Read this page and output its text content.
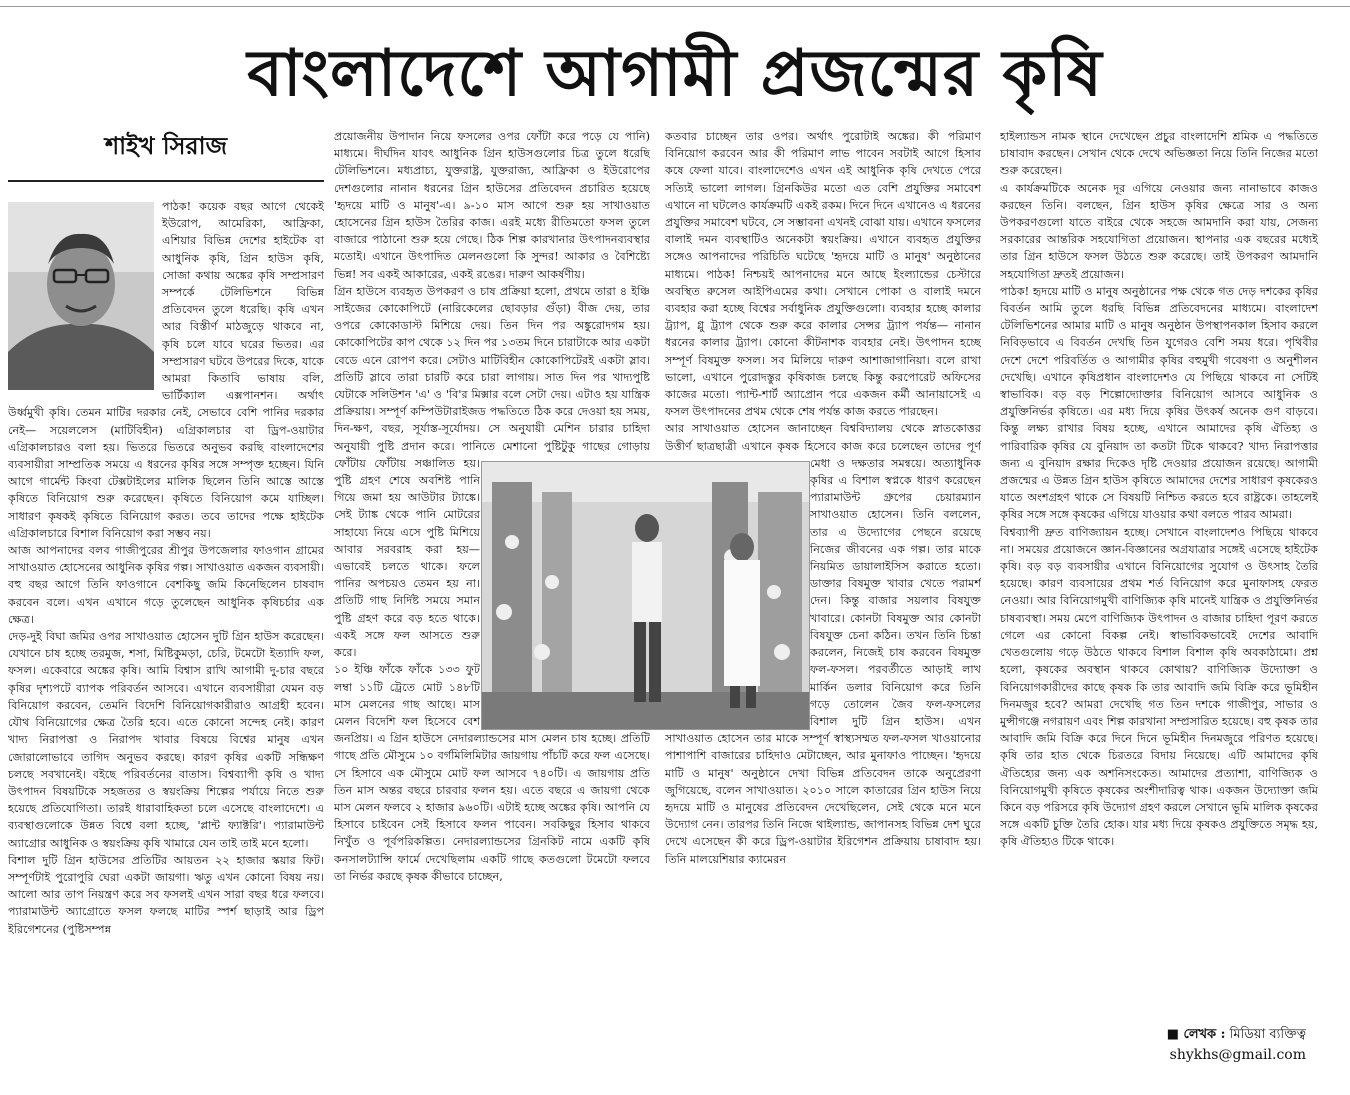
বাংলাদেশে আগামী প্রজন্মের কৃষি
শাইখ সিরাজ

পাঠক! কয়েক বছর আগে থেকেই ইউরোপ, আমেরিকা, আফ্রিকা, এশিয়ার বিভিন্ন দেশের হাইটেক বা আধুনিক কৃষি, গ্রিন হাউস কৃষি, সোজা কথায় অঙ্কের কৃষি সম্প্রসারণ সম্পর্কে টেলিভিশনে বিভিন্ন প্রতিবেদন তুলে ধরেছি। কৃষি এখন আর বিস্তীর্ণ মাঠজুড়ে থাকবে না, কৃষি চলে যাবে ঘরের ভিতর। এর সম্প্রসারণ ঘটবে উপরের দিকে, যাকে আমরা কিতাবি ভাষায় বলি, ভার্টিক্যাল এক্সপানশন। অর্থাৎ উর্ধ্বমুখী কৃষি। তেমন মাটির দরকার নেই, সেভাবে বেশি পানির দরকার নেই— সয়েললেস (মাটিবিহীন) এগ্রিকালচার বা ড্রিপ-ওয়াটার এগ্রিকালচারও বলা হয়। ভিতরে ভিতরে অনুভব করছি বাংলাদেশের ব্যবসায়ীরা সাম্প্রতিক সময়ে এ ধরনের কৃষির সঙ্গে সম্পৃক্ত হচ্ছেন। যিনি আগে গার্মেন্ট কিংবা টেক্সটাইলের মালিক ছিলেন তিনি আস্তে আস্তে কৃষিতে বিনিয়োগ শুরু করেছেন। কৃষিতে বিনিয়োগ কমে যাচ্ছিল। সাধারণ কৃষকই কৃষিতে বিনিয়োগ করত। তবে তাদের পক্ষে হাইটেক এগ্রিকালচারে বিশাল বিনিয়োগ করা সম্ভব নয়।

আজ আপনাদের বলব গাজীপুরের শ্রীপুর উপজেলার ফাওগান গ্রামের সাখাওয়াত হোসেনের আধুনিক কৃষির গল্প। সাখাওয়াত একজন ব্যবসায়ী। বহু বছর আগে তিনি ফাওগানে বেশকিছু জমি কিনেছিলেন চাষবাদ করবেন বলে। এখন এখানে গড়ে তুলেছেন আধুনিক কৃষিচর্চার এক ক্ষেত্র।

দেড়-দুই বিঘা জমির ওপর সাখাওয়াত হোসেন দুটি গ্রিন হাউস করেছেন। যেখানে চাষ হচ্ছে তরমুজ, শসা, মিষ্টিকুমড়া, চেরি, টমেটো ইত্যাদি ফল, ফসল। একেবারে অঙ্কের কৃষি। আমি বিশ্বাস রাখি আগামী দু-চার বছরে কৃষির দৃশ্যপটে ব্যাপক পরিবর্তন আসবে। এখানে ব্যবসায়ীরা যেমন বড় বিনিয়োগ করবেন, তেমনি বিদেশি বিনিয়োগকারীরাও আগ্রহী হবেন। যৌথ বিনিয়োগের ক্ষেত্র তৈরি হবে। এতে কোনো সন্দেহ নেই। কারণ খাদ্য নিরাপত্তা ও নিরাপদ খাবার বিষয়ে বিশ্বের মানুষ এখন জোরালোভাবে তাগিদ অনুভব করছে। কারণ কৃষির একটি সন্ধিক্ষণ চলছে সবখানেই। বইছে পরিবর্তনের বাতাস। বিশ্বব্যাপী কৃষি ও খাদ্য উৎপাদন বিষয়টিকে সহজতর ও স্বয়ংক্রিয় শিল্পের পর্যায়ে নিতে শুরু হয়েছে প্রতিযোগিতা। তারই ধারাবাহিকতা চলে এসেছে বাংলাদেশে। এ ব্যবস্থাগুলোকে উন্নত বিশ্বে বলা হচ্ছে, 'প্লান্ট ফ্যাক্টরি'। প্যারামাউন্ট অ্যাগ্রোর আধুনিক ও স্বয়ংক্রিয় কৃষি খামারে যেন তাই তাই মনে হলো।

বিশাল দুটি গ্রিন হাউসের প্রতিটির আয়তন ২২ হাজার স্কয়ার ফিট। সম্পূর্ণটাই পুরোপুরি ঘেরা একটা জায়গা। ঋতু এখন কোনো বিষয় নয়। আলো আর তাপ নিয়ন্ত্রণ করে সব ফসলই এখন সারা বছর ধরে ফলবে। প্যারামাউন্ট অ্যাগ্রোতে ফসল ফলছে মাটির স্পর্শ ছাড়াই আর ড্রিপ ইরিগেশনের (পুষ্টিসম্পন্ন

প্রয়োজনীয় উপাদান নিয়ে ফসলের ওপর ফোঁটা করে পড়ে যে পানি) মাধ্যমে। দীর্ঘদিন যাবৎ আধুনিক গ্রিন হাউসগুলোর চিত্র তুলে ধরেছি টেলিভিশনে। মধ্যপ্রাচ্য, যুক্তরাষ্ট্র, যুক্তরাজ্য, আফ্রিকা ও ইউরোপের দেশগুলোর নানান ধরনের গ্রিন হাউসের প্রতিবেদন প্রচারিত হয়েছে 'হৃদয়ে মাটি ও মানুষ'-এ। ৯-১০ মাস আগে শুরু হয় সাখাওয়াত হোসেনের গ্রিন হাউস তৈরির কাজ। এরই মধ্যে রীতিমতো ফসল তুলে বাজারে পাঠানো শুরু হয়ে গেছে। ঠিক শিল্প কারখানার উৎপাদনব্যবস্থার মতোই। এখানে উৎপাদিত মেলনগুলো কি সুন্দর! আকার ও বৈশিষ্ট্যে ভিন্ন! সব একই আকারের, একই রঙের। দারুণ আকর্ষণীয়।

গ্রিন হাউসে ব্যবহৃত উপকরণ ও চাষ প্রক্রিয়া হলো, প্রথমে তারা ৪ ইঞ্চি সাইজের কোকোপিটে (নারিকেলের ছোবড়ার গুঁড়া) বীজ দেয়, তার ওপরে কোকোডাস্ট মিশিয়ে দেয়। তিন দিন পর অঙ্কুরোদগম হয়। কোকোপিটের কাপ থেকে ১২ দিন পর ১৩তম দিনে চারাটাকে আর একটা বেডে এনে রোপণ করে। সেটাও মাটিবিহীন কোকোপিটেরই একটা স্লাব। প্রতিটি স্লাবে তারা চারটি করে চারা লাগায়। সাত দিন পর খাদ্যপুষ্টি যেটাকে সলিউশন 'এ' ও 'বি'র মিক্সার বলে সেটা দেয়। এটাও হয় যান্ত্রিক প্রক্রিয়ায়। সম্পূর্ণ কম্পিউটারাইজড পদ্ধতিতে ঠিক করে দেওয়া হয় সময়, দিন-ক্ষণ, বছর, সূর্যাস্ত-সূর্যোদয়। সে অনুযায়ী মেশিন চারার চাহিদা অনুযায়ী পুষ্টি প্রদান করে। পানিতে মেশানো পুষ্টিটুকু গাছের গোড়ায় ফোঁটায় ফোঁটায় সঞ্চালিত হয়। পুষ্টি গ্রহণ শেষে অবশিষ্ট পানি গিয়ে জমা হয় আউটার ট্যাঙ্কে। সেই ট্যাঙ্ক থেকে পানি মোটরের সাহায্যে নিয়ে এসে পুষ্টি মিশিয়ে আবার সরবরাহ করা হয়—এভাবেই চলতে থাকে। ফলে পানির অপচয়ও তেমন হয় না। প্রতিটি গাছ নির্দিষ্ট সময়ে সমান পুষ্টি গ্রহণ করে বড় হতে থাকে। একই সঙ্গে ফল আসতে শুরু করে।

১০ ইঞ্চি ফাঁকে ফাঁকে ১৩৩ ফুট লম্বা ১১টি ট্রেতে মোট ১৪৮টি মাস মেলনের গাছ আছে। মাস মেলন বিদেশি ফল হিসেবে বেশ জনপ্রিয়। এ গ্রিন হাউসে নেদারল্যান্ডসের মাস মেলন চাষ হচ্ছে। প্রতিটি গাছে প্রতি মৌসুমে ১০ বর্গমিলিমিটার জায়গায় পাঁচটি করে ফল এসেছে। সে হিসাবে এক মৌসুমে মোট ফল আসবে ৭৪০টি। এ জায়গায় প্রতি তিন মাস অন্তর বছরে চারবার ফলন হয়। এতে বছরে এ জায়গা থেকে মাস মেলন ফলবে ২ হাজার ৯৬০টি। এটাই হচ্ছে অঙ্কের কৃষি। আপনি যে হিসাবে চাইবেন সেই হিসাবে ফলন পাবেন। সবকিছুর হিসাব থাকবে নিখুঁত ও পূর্বপরিকল্পিত। নেদারল্যান্ডসের গ্রিনকিট নামে একটি কৃষি কনসালট্যান্সি ফার্মে দেখেছিলাম একটি গাছে কতগুলো টমেটো ফলবে তা নির্ভর করছে কৃষক কীভাবে চাচ্ছেন,

কতবার চাচ্ছেন তার ওপর। অর্থাৎ পুরোটাই অঙ্কের। কী পরিমাণ বিনিয়োগ করবেন আর কী পরিমাণ লাভ পাবেন সবটাই আগে হিসাব কষে ফেলা যাবে। বাংলাদেশেও এখন এই আধুনিক কৃষি দেখতে পেরে সত্যিই ভালো লাগল। গ্রিনকিউর মতো এত বেশি প্রযুক্তির সমাবেশ এখানে না ঘটলেও কার্যক্রমটি একই রকম। দিনে দিনে এখানেও এ ধরনের প্রযুক্তির সমাবেশ ঘটবে, সে সম্ভাবনা এখনই বোঝা যায়। এখানে ফসলের বালাই দমন ব্যবস্থাটিও অনেকটা স্বয়ংক্রিয়। এখানে ব্যবহৃত প্রযুক্তির সঙ্গেও আপনাদের পরিচিতি ঘটেছে 'হৃদয়ে মাটি ও মানুষ' অনুষ্ঠানের মাধ্যমে। পাঠক! নিশ্চয়ই আপনাদের মনে আছে ইংল্যান্ডের চেস্টারে অবস্থিত রুসেল আইপিএমের কথা। সেখানে পোকা ও বালাই দমনে ব্যবহার করা হচ্ছে বিশ্বের সর্বাধুনিক প্রযুক্তিগুলো। ব্যবহার হচ্ছে কালার ট্র্যাপ, গ্লু ট্র্যাপ থেকে শুরু করে কালার সেন্সর ট্র্যাপ পর্যন্ত— নানান ধরনের কালার ট্র্যাপ। কোনো কীটনাশক ব্যবহার নেই। উৎপাদন হচ্ছে সম্পূর্ণ বিষমুক্ত ফসল। সব মিলিয়ে দারুণ আশাজাগানিয়া। বলে রাখা ভালো, এখানে পুরোদস্তুর কৃষিকাজ চলছে কিন্তু করপোরেট অফিসের কাজের মতো। প্যান্ট-শার্ট অ্যাপ্রোন পরে একজন কর্মী আনায়াসেই এ ফসল উৎপাদনের প্রথম থেকে শেষ পর্যন্ত কাজ করতে পারছেন।

আর সাখাওয়াত হোসেন জানাচ্ছেন বিশ্ববিদ্যালয় থেকে স্নাতকোত্তর উত্তীর্ণ ছাত্রছাত্রী এখানে কৃষক হিসেবে কাজ করে চলেছেন তাদের পূর্ণ মেধা ও দক্ষতার সমন্বয়ে। অত্যাধুনিক কৃষির এ বিশাল স্বপ্নকে ধারণ করেছেন প্যারামাউন্ট গ্রুপের চেয়ারম্যান সাখাওয়াত হোসেন। তিনি বললেন, তার এ উদ্যোগের পেছনে রয়েছে নিজের জীবনের এক গল্প। তার মাকে নিয়মিত ডায়ালাইসিস করাতে হতো। ডাক্তার বিষমুক্ত খাবার খেতে পরামর্শ দেন। কিন্তু বাজার সয়লাব বিষযুক্ত খাবারে। কোনটা বিষমুক্ত আর কোনটা বিষযুক্ত চেনা কঠিন। তখন তিনি চিন্তা করলেন, নিজেই চাষ করবেন বিষমুক্ত ফল-ফসল। পরবর্তীতে আড়াই লাখ মার্কিন ডলার বিনিয়োগ করে তিনি গড়ে তোলেন জৈব ফল-ফসলের বিশাল দুটি গ্রিন হাউস। এখন সাখাওয়াত হোসেন তার মাকে সম্পূর্ণ স্বাস্থ্যসম্মত ফল-ফসল খাওয়ানোর পাশাপাশি বাজারের চাহিদাও মেটাচ্ছেন, আর মুনাফাও পাচ্ছেন। 'হৃদয়ে মাটি ও মানুষ' অনুষ্ঠানে দেখা বিভিন্ন প্রতিবেদন তাকে অনুপ্রেরণা জুগিয়েছে, বলেন সাখাওয়াত। ২০১০ সালে কাতারের গ্রিন হাউস নিয়ে হৃদয়ে মাটি ও মানুষের প্রতিবেদন দেখেছিলেন, সেই থেকে মনে মনে উদ্যোগ নেন। তারপর তিনি নিজে থাইল্যান্ড, জাপানসহ বিভিন্ন দেশ ঘুরে দেখে এসেছেন কী করে ড্রিপ-ওয়াটার ইরিগেশন প্রক্রিয়ায় চাষাবাদ হয়। তিনি মালয়েশিয়ার ক্যামেরন

হাইল্যান্ডস নামক স্থানে দেখেছেন প্রচুর বাংলাদেশি শ্রমিক এ পদ্ধতিতে চাষাবাদ করছেন। সেখান থেকে দেখে অভিজ্ঞতা নিয়ে তিনি নিজের মতো শুরু করেছেন।

এ কার্যক্রমটিকে অনেক দূর এগিয়ে নেওয়ার জন্য নানাভাবে কাজও করছেন তিনি। বলছেন, গ্রিন হাউস কৃষির ক্ষেত্রে সার ও অন্য উপকরণগুলো যাতে বাইরে থেকে সহজে আমদানি করা যায়, সেজন্য সরকারের আন্তরিক সহযোগিতা প্রয়োজন। স্থাপনার এক বছরের মধ্যেই তার গ্রিন হাউসে ফসল উঠতে শুরু করেছে। তাই উপকরণ আমদানি সহযোগিতা দ্রুতই প্রয়োজন।

পাঠক! হৃদয়ে মাটি ও মানুষ অনুষ্ঠানের পক্ষ থেকে গত দেড় দশকের কৃষির বিবর্তন আমি তুলে ধরছি বিভিন্ন প্রতিবেদনের মাধ্যমে। বাংলাদেশ টেলিভিশনের আমার মাটি ও মানুষ অনুষ্ঠান উপস্থাপনকাল হিসাব করলে নিবিড়ভাবে এ বিবর্তন দেখছি তিন যুগেরও বেশি সময় ধরে। পৃথিবীর দেশে দেশে পরিবর্তিত ও আগামীর কৃষির বহুমুখী গবেষণা ও অনুশীলন দেখেছি। এখানে কৃষিপ্রধান বাংলাদেশও যে পিছিয়ে থাকবে না সেটিই স্বাভাবিক। বড় বড় শিল্পোদ্যোক্তার বিনিয়োগ আসবে আধুনিক ও প্রযুক্তিনির্ভর কৃষিতে। এর মধ্য দিয়ে কৃষির উৎকর্ষ অনেক গুণ বাড়বে। কিন্তু লক্ষ্য রাখার বিষয় হচ্ছে, এখানে আমাদের কৃষি ঐতিহ্য ও পারিবারিক কৃষির যে বুনিয়াদ তা কতটা টিকে থাকবে? খাদ্য নিরাপত্তার জন্য এ বুনিয়াদ রক্ষার দিকেও দৃষ্টি দেওয়ার প্রয়োজন রয়েছে। আগামী প্রজন্মের এ উন্নত গ্রিন হাউস কৃষিতে আমাদের দেশের সাধারণ কৃষকেরও যাতে অংশগ্রহণ থাকে সে বিষয়টি নিশ্চিত করতে হবে রাষ্ট্রকে। তাহলেই কৃষির সঙ্গে সঙ্গে কৃষকের এগিয়ে যাওয়ার কথা বলতে পারব আমরা।

বিশ্বব্যাপী দ্রুত বাণিজ্যায়ন হচ্ছে। সেখানে বাংলাদেশও পিছিয়ে থাকবে না। সময়ের প্রয়োজনে জ্ঞান-বিজ্ঞানের অগ্রযাত্রার সঙ্গেই এসেছে হাইটেক কৃষি। বড় বড় ব্যবসায়ীর এখানে বিনিয়োগের সুযোগ ও উৎসাহ তৈরি হয়েছে। কারণ ব্যবসায়ের প্রথম শর্ত বিনিয়োগ করে মুনাফাসহ ফেরত নেওয়া। আর বিনিয়োগমুখী বাণিজ্যিক কৃষি মানেই যান্ত্রিক ও প্রযুক্তিনির্ভর চাষব্যবস্থা। সময় মেপে বাণিজ্যিক উৎপাদন ও বাজার চাহিদা পূরণ করতে গেলে এর কোনো বিকল্প নেই। স্বাভাবিকভাবেই দেশের আবাদি খেতগুলোয় গড়ে উঠতে থাকবে বিশাল বিশাল কৃষি অবকাঠামো। প্রশ্ন হলো, কৃষকের অবস্থান থাকবে কোথায়? বাণিজ্যিক উদ্যোক্তা ও বিনিয়োগকারীদের কাছে কৃষক কি তার আবাদি জমি বিক্রি করে ভূমিহীন দিনমজুর হবে? আমরা দেখেছি গত তিন দশকে গাজীপুর, সাভার ও মুন্সীগঞ্জে নগরায়ণ এবং শিল্প কারখানা সম্প্রসারিত হয়েছে। বহু কৃষক তার আবাদি জমি বিক্রি করে দিনে দিনে ভূমিহীন দিনমজুরে পরিণত হয়েছে। কৃষি তার হাত থেকে চিরতরে বিদায় নিয়েছে। এটি আমাদের কৃষি ঐতিহ্যের জন্য এক অশনিসংকেত। আমাদের প্রত্যাশা, বাণিজ্যিক ও বিনিয়োগমুখী কৃষিতে কৃষকের অংশীদারিত্ব থাক। একজন উদ্যোক্তা জমি কিনে বড় পরিসরে কৃষি উদ্যোগ গ্রহণ করলে সেখানে ভূমি মালিক কৃষকের সঙ্গে একটি চুক্তি তৈরি হোক। যার মধ্য দিয়ে কৃষকও প্রযুক্তিতে সমৃদ্ধ হয়, কৃষি ঐতিহ্যও টিকে থাকে।

■ লেখক : মিডিয়া ব্যক্তিত্ব
shykhs@gmail.com
